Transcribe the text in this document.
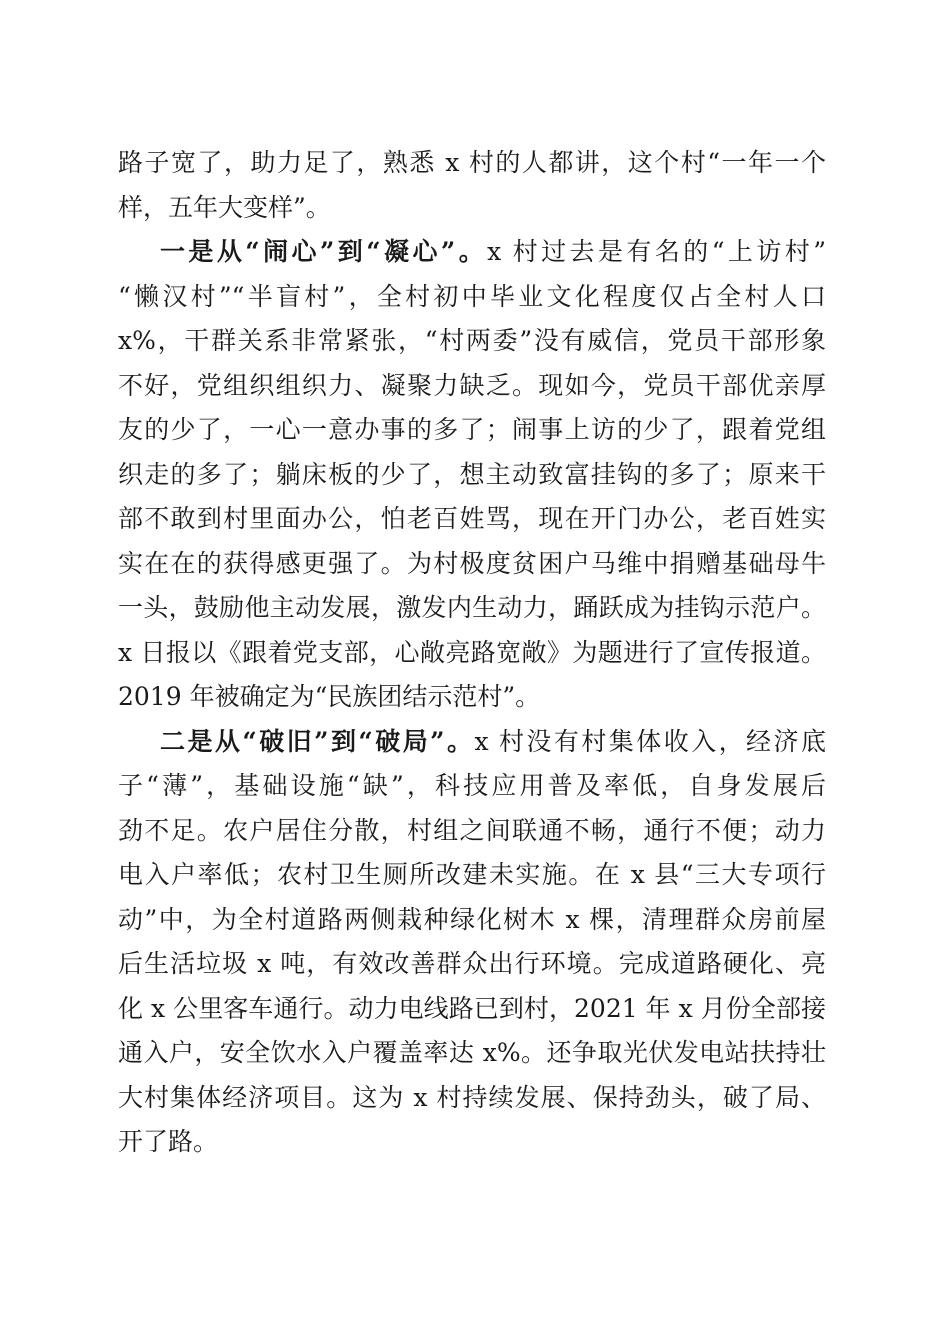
路子宽了，助力足了，熟悉 x 村的人都讲，这个村“一年一个
样，五年大变样”。
一是从“闹心”到“凝心”。x 村过去是有名的“上访村”
“懒汉村”“半盲村”，全村初中毕业文化程度仅占全村人口
x%，干群关系非常紧张，“村两委”没有威信，党员干部形象
不好，党组织组织力、凝聚力缺乏。现如今，党员干部优亲厚
友的少了，一心一意办事的多了；闹事上访的少了，跟着党组
织走的多了；躺床板的少了，想主动致富挂钩的多了；原来干
部不敢到村里面办公，怕老百姓骂，现在开门办公，老百姓实
实在在的获得感更强了。为村极度贫困户马维中捐赠基础母牛
一头，鼓励他主动发展，激发内生动力，踊跃成为挂钩示范户。
x 日报以《跟着党支部，心敞亮路宽敞》为题进行了宣传报道。
2019 年被确定为“民族团结示范村”。
二是从“破旧”到“破局”。x 村没有村集体收入，经济底
子“薄”，基础设施“缺”，科技应用普及率低，自身发展后
劲不足。农户居住分散，村组之间联通不畅，通行不便；动力
电入户率低；农村卫生厕所改建未实施。在 x 县“三大专项行
动”中，为全村道路两侧栽种绿化树木 x 棵，清理群众房前屋
后生活垃圾 x 吨，有效改善群众出行环境。完成道路硬化、亮
化 x 公里客车通行。动力电线路已到村，2021 年 x 月份全部接
通入户，安全饮水入户覆盖率达 x%。还争取光伏发电站扶持壮
大村集体经济项目。这为 x 村持续发展、保持劲头，破了局、
开了路。
